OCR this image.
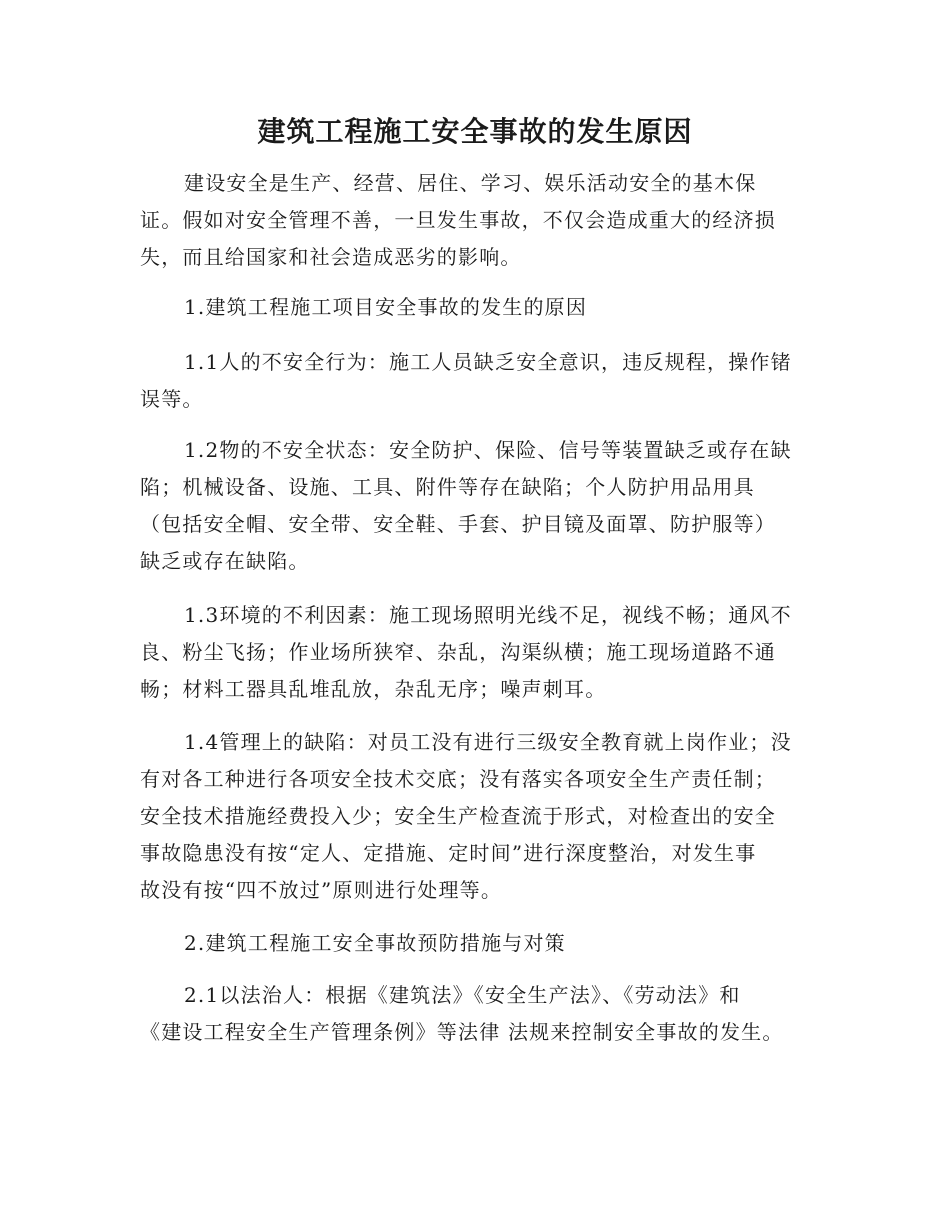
建筑工程施工安全事故的发生原因
建设安全是生产、经营、居住、学习、娱乐活动安全的基木保
证。假如对安全管理不善，一旦发生事故，不仅会造成重大的经济损
失，而且给国家和社会造成恶劣的影响。
1.建筑工程施工项目安全事故的发生的原因
1.1人的不安全行为：施工人员缺乏安全意识，违反规程，操作锗
误等。
1.2物的不安全状态：安全防护、保险、信号等装置缺乏或存在缺
陷；机械设备、设施、工具、附件等存在缺陷；个人防护用品用具
（包括安全帽、安全带、安全鞋、手套、护目镜及面罩、防护服等）
缺乏或存在缺陷。
1.3环境的不利因素：施工现场照明光线不足，视线不畅；通风不
良、粉尘飞扬；作业场所狭窄、杂乱，沟渠纵横；施工现场道路不通
畅；材料工器具乱堆乱放，杂乱无序；噪声刺耳。
1.4管理上的缺陷：对员工没有进行三级安全教育就上岗作业；没
有对各工种进行各项安全技术交底；没有落实各项安全生产责任制；
安全技术措施经费投入少；安全生产检查流于形式，对检查出的安全
事故隐患没有按“定人、定措施、定时间”进行深度整治，对发生事
故没有按“四不放过”原则进行处理等。
2.建筑工程施工安全事故预防措施与对策
2.1以法治人：根据《建筑法》《安全生产法》、《劳动法》和
《建设工程安全生产管理条例》等法律 法规来控制安全事故的发生。
